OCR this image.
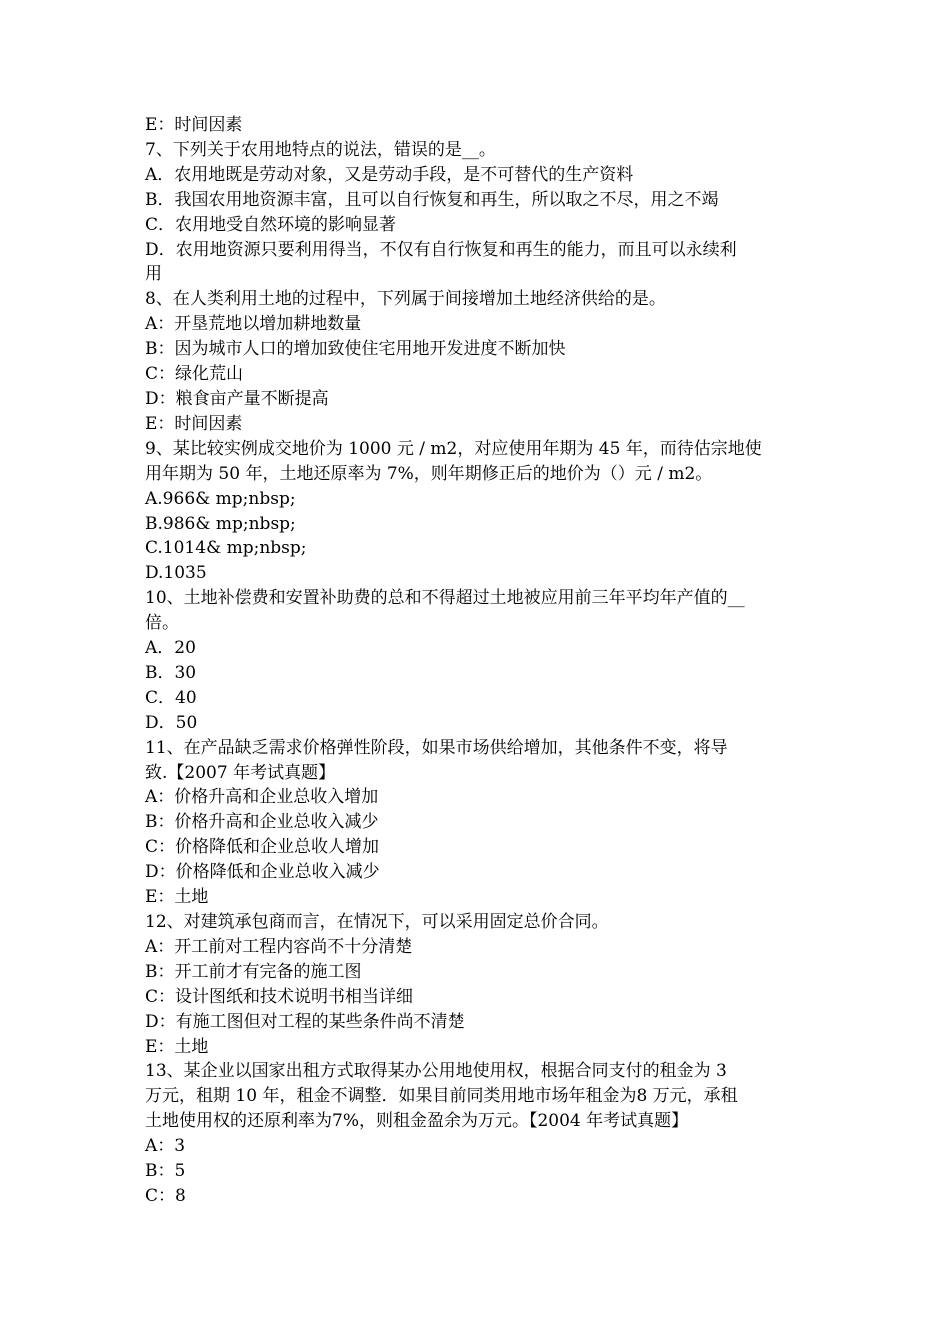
E：时间因素
7、下列关于农用地特点的说法，错误的是__。
A．农用地既是劳动对象，又是劳动手段，是不可替代的生产资料
B．我国农用地资源丰富，且可以自行恢复和再生，所以取之不尽，用之不竭
C．农用地受自然环境的影响显著
D．农用地资源只要利用得当，不仅有自行恢复和再生的能力，而且可以永续利
用
8、在人类利用土地的过程中，下列属于间接增加土地经济供给的是。
A：开垦荒地以增加耕地数量
B：因为城市人口的增加致使住宅用地开发进度不断加快
C：绿化荒山
D：粮食亩产量不断提高
E：时间因素
9、某比较实例成交地价为 1000 元 / m2，对应使用年期为 45 年，而待估宗地使
用年期为 50 年，土地还原率为 7%，则年期修正后的地价为（）元 / m2。
A.966& mp;nbsp;
B.986& mp;nbsp;
C.1014& mp;nbsp;
D.1035
10、土地补偿费和安置补助费的总和不得超过土地被应用前三年平均年产值的__
倍。
A．20
B．30
C．40
D．50
11、在产品缺乏需求价格弹性阶段，如果市场供给增加，其他条件不变，将导
致.【2007 年考试真题】
A：价格升高和企业总收入增加
B：价格升高和企业总收入减少
C：价格降低和企业总收人增加
D：价格降低和企业总收入减少
E：土地
12、对建筑承包商而言，在情况下，可以采用固定总价合同。
A：开工前对工程内容尚不十分清楚
B：开工前才有完备的施工图
C：设计图纸和技术说明书相当详细
D：有施工图但对工程的某些条件尚不清楚
E：土地
13、某企业以国家出租方式取得某办公用地使用权，根据合同支付的租金为 3
万元，租期 10 年，租金不调整．如果目前同类用地市场年租金为8 万元，承租
土地使用权的还原利率为7%，则租金盈余为万元。【2004 年考试真题】
A：3
B：5
C：8
